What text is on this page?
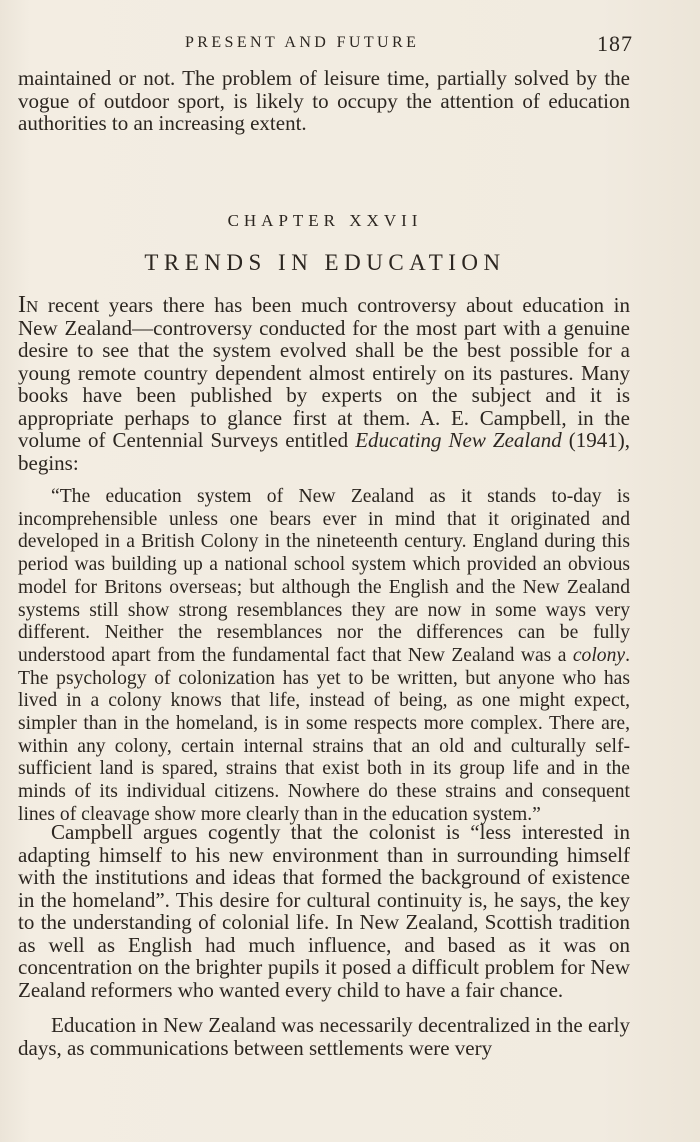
PRESENT AND FUTURE	187

maintained or not. The problem of leisure time, partially solved by the vogue of outdoor sport, is likely to occupy the attention of education authorities to an increasing extent.

CHAPTER XXVII
TRENDS IN EDUCATION

In recent years there has been much controversy about education in New Zealand—controversy conducted for the most part with a genuine desire to see that the system evolved shall be the best possible for a young remote country dependent almost entirely on its pastures. Many books have been published by experts on the subject and it is appropriate perhaps to glance first at them. A. E. Campbell, in the volume of Centennial Surveys entitled Educating New Zealand (1941), begins:

“The education system of New Zealand as it stands to-day is incomprehensible unless one bears ever in mind that it originated and developed in a British Colony in the nineteenth century. England during this period was building up a national school system which provided an obvious model for Britons overseas; but although the English and the New Zealand systems still show strong resemblances they are now in some ways very different. Neither the resemblances nor the differences can be fully understood apart from the fundamental fact that New Zealand was a colony. The psychology of colonization has yet to be written, but anyone who has lived in a colony knows that life, instead of being, as one might expect, simpler than in the homeland, is in some respects more complex. There are, within any colony, certain internal strains that an old and culturally self-sufficient land is spared, strains that exist both in its group life and in the minds of its individual citizens. Nowhere do these strains and consequent lines of cleavage show more clearly than in the education system.”

Campbell argues cogently that the colonist is “less interested in adapting himself to his new environment than in surrounding himself with the institutions and ideas that formed the background of existence in the homeland”. This desire for cultural continuity is, he says, the key to the understanding of colonial life. In New Zealand, Scottish tradition as well as English had much influence, and based as it was on concentration on the brighter pupils it posed a difficult problem for New Zealand reformers who wanted every child to have a fair chance.

Education in New Zealand was necessarily decentralized in the early days, as communications between settlements were very
